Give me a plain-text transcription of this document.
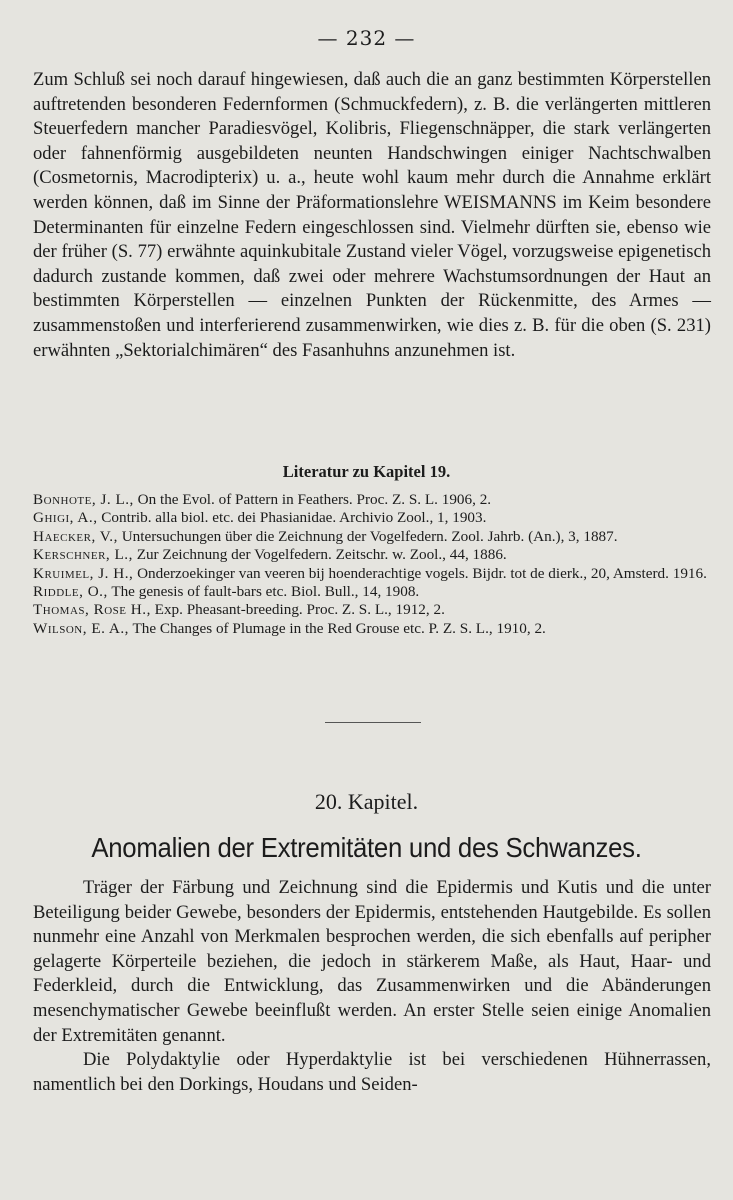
— 232 —

Zum Schluß sei noch darauf hingewiesen, daß auch die an ganz bestimmten Körperstellen auftretenden besonderen Federnformen (Schmuckfedern), z. B. die verlängerten mittleren Steuerfedern mancher Paradiesvögel, Kolibris, Fliegenschnäpper, die stark verlängerten oder fahnenförmig ausgebildeten neunten Handschwingen einiger Nachtschwalben (Cosmetornis, Macrodipterix) u. a., heute wohl kaum mehr durch die Annahme erklärt werden können, daß im Sinne der Präformationslehre WEISMANNS im Keim besondere Determinanten für einzelne Federn eingeschlossen sind. Vielmehr dürften sie, ebenso wie der früher (S. 77) erwähnte aquinkubitale Zustand vieler Vögel, vorzugsweise epigenetisch dadurch zustande kommen, daß zwei oder mehrere Wachstumsordnungen der Haut an bestimmten Körperstellen — einzelnen Punkten der Rückenmitte, des Armes — zusammenstoßen und interferierend zusammenwirken, wie dies z. B. für die oben (S. 231) erwähnten „Sektorialchimären“ des Fasanhuhns anzunehmen ist.

Literatur zu Kapitel 19.
Bonhote, J. L., On the Evol. of Pattern in Feathers. Proc. Z. S. L. 1906, 2.
Ghigi, A., Contrib. alla biol. etc. dei Phasianidae. Archivio Zool., 1, 1903.
Haecker, V., Untersuchungen über die Zeichnung der Vogelfedern. Zool. Jahrb. (An.), 3, 1887.
Kerschner, L., Zur Zeichnung der Vogelfedern. Zeitschr. w. Zool., 44, 1886.
Kruimel, J. H., Onderzoekinger van veeren bij hoenderachtige vogels. Bijdr. tot de dierk., 20, Amsterd. 1916.
Riddle, O., The genesis of fault-bars etc. Biol. Bull., 14, 1908.
Thomas, Rose H., Exp. Pheasant-breeding. Proc. Z. S. L., 1912, 2.
Wilson, E. A., The Changes of Plumage in the Red Grouse etc. P. Z. S. L., 1910, 2.
20. Kapitel.
Anomalien der Extremitäten und des Schwanzes.

Träger der Färbung und Zeichnung sind die Epidermis und Kutis und die unter Beteiligung beider Gewebe, besonders der Epidermis, entstehenden Hautgebilde. Es sollen nunmehr eine Anzahl von Merkmalen besprochen werden, die sich ebenfalls auf peripher gelagerte Körperteile beziehen, die jedoch in stärkerem Maße, als Haut, Haar- und Federkleid, durch die Entwicklung, das Zusammenwirken und die Abänderungen mesenchymatischer Gewebe beeinflußt werden. An erster Stelle seien einige Anomalien der Extremitäten genannt.

Die Polydaktylie oder Hyperdaktylie ist bei verschiedenen Hühnerrassen, namentlich bei den Dorkings, Houdans und Seiden-
